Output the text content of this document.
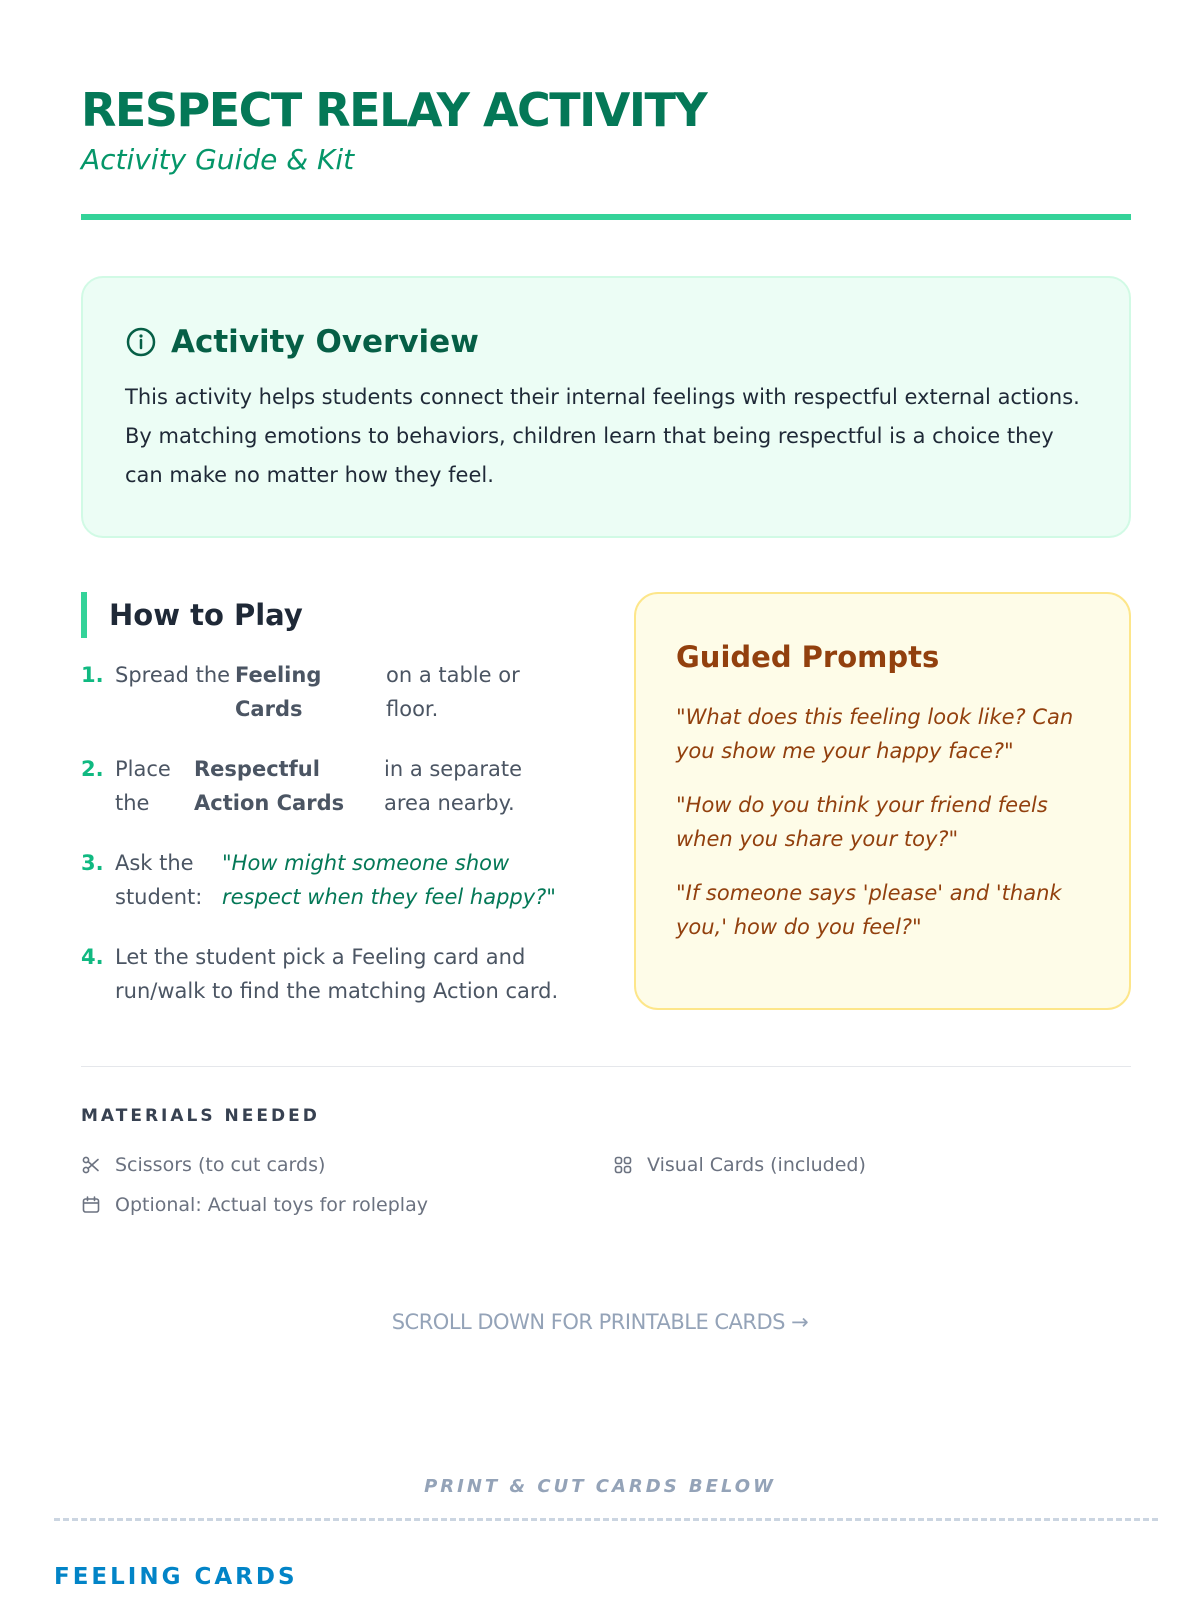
RESPECT RELAY ACTIVITY
Activity Guide & Kit
Activity Overview

This activity helps students connect their internal feelings with respectful external actions. By matching emotions to behaviors, children learn that being respectful is a choice they can make no matter how they feel.

How to Play
1. Spread the Feeling Cards
on a table or floor.
2. Place the
Respectful Action Cards
in a separate area nearby.
3. Ask the student:
"How might someone show respect when they feel happy?"
4. Let the student pick a Feeling card and run/walk to find the matching Action card.
Guided Prompts

"What does this feeling look like? Can you show me your happy face?"

"How do you think your friend feels when you share your toy?"

"If someone says 'please' and 'thank you,' how do you feel?"

MATERIALS NEEDED
Scissors (to cut cards)	Visual Cards (included)
Optional: Actual toys for roleplay
SCROLL DOWN FOR PRINTABLE CARDS →
PRINT & CUT CARDS BELOW
FEELING CARDS
